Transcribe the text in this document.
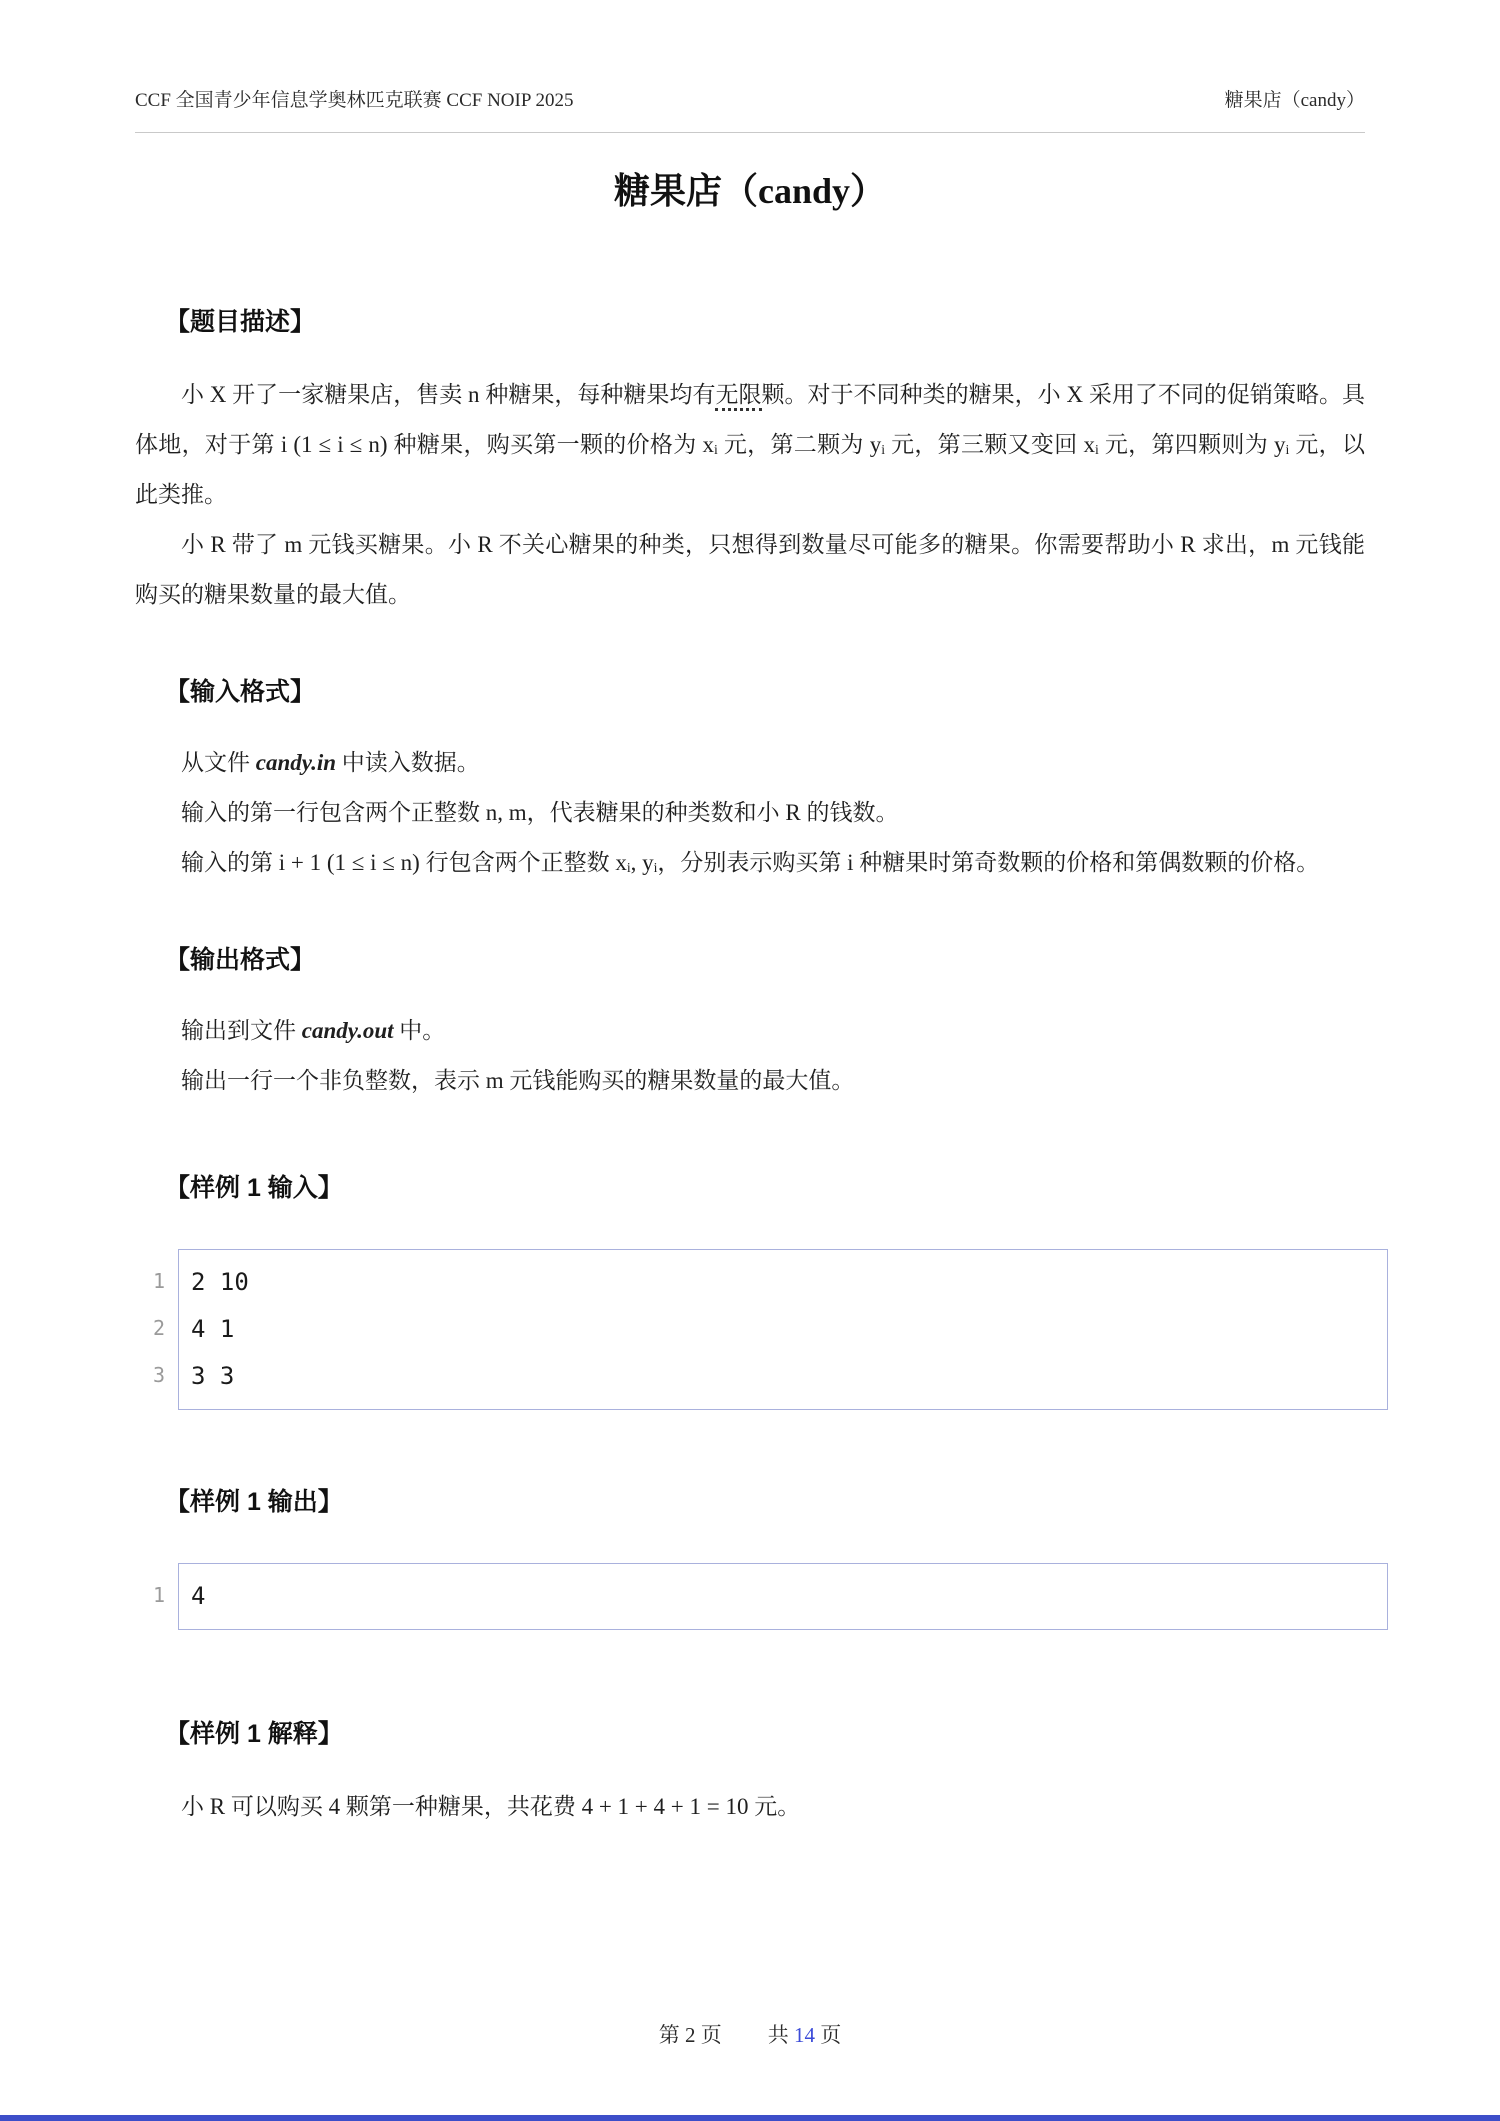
CCF 全国青少年信息学奥林匹克联赛 CCF NOIP 2025	糖果店（candy）
糖果店（candy）
【题目描述】

小 X 开了一家糖果店，售卖 n 种糖果，每种糖果均有无限颗。对于不同种类的糖果，小 X 采用了不同的促销策略。具体地，对于第 i (1 ≤ i ≤ n) 种糖果，购买第一颗的价格为 xᵢ 元，第二颗为 yᵢ 元，第三颗又变回 xᵢ 元，第四颗则为 yᵢ 元，以此类推。

小 R 带了 m 元钱买糖果。小 R 不关心糖果的种类，只想得到数量尽可能多的糖果。你需要帮助小 R 求出，m 元钱能购买的糖果数量的最大值。

【输入格式】

从文件 candy.in 中读入数据。

输入的第一行包含两个正整数 n, m，代表糖果的种类数和小 R 的钱数。

输入的第 i + 1 (1 ≤ i ≤ n) 行包含两个正整数 xᵢ, yᵢ，分别表示购买第 i 种糖果时第奇数颗的价格和第偶数颗的价格。

【输出格式】

输出到文件 candy.out 中。

输出一行一个非负整数，表示 m 元钱能购买的糖果数量的最大值。

【样例 1 输入】
1
2
3
2 10
4 1
3 3
【样例 1 输出】
1 4
【样例 1 解释】

小 R 可以购买 4 颗第一种糖果，共花费 4 + 1 + 4 + 1 = 10 元。

第 2 页 共 14 页
